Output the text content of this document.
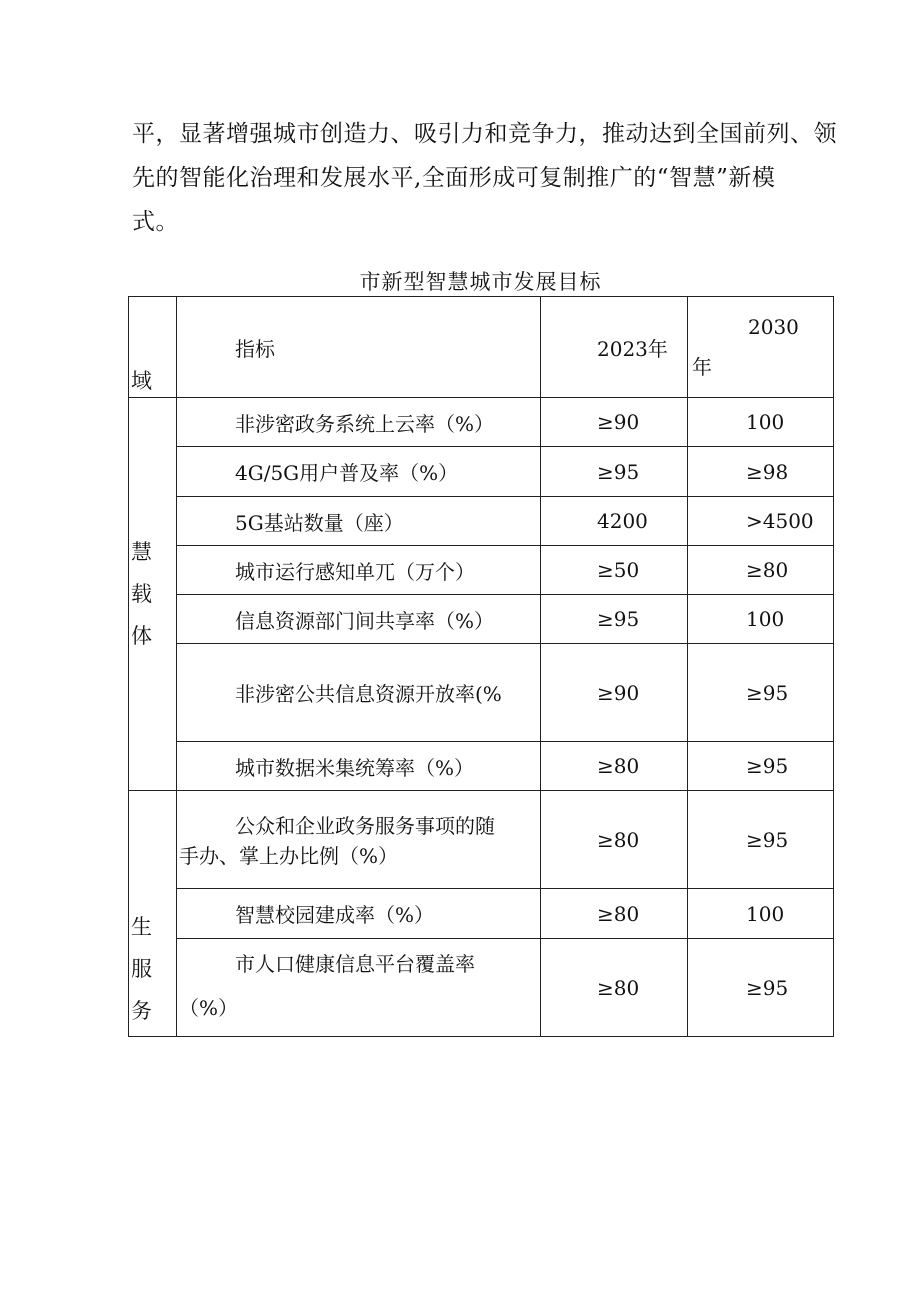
平，显著增强城市创造力、吸引力和竞争力，推动达到全国前列、领
先的智能化治理和发展水平,全面形成可复制推广的“智慧”新模
式。
市新型智慧城市发展目标
域	指标	2023年	2030
年

慧
载
体	非涉密政务系统上云率（%）	≥90	100
	4G/5G用户普及率（%）	≥95	≥98
	5G基站数量（座）	4200	>4500
	城市运行感知单兀（万个）	≥50	≥80
	信息资源部门间共享率（%）	≥95	100
	非涉密公共信息资源开放率(%	≥90	≥95
	城市数据米集统筹率（%）	≥80	≥95

生
服
务	公众和企业政务服务事项的随
手办、掌上办比例（%）	≥80	≥95
	智慧校园建成率（%）	≥80	100

	市人口健康信息平台覆盖率
（%）	≥80	≥95
